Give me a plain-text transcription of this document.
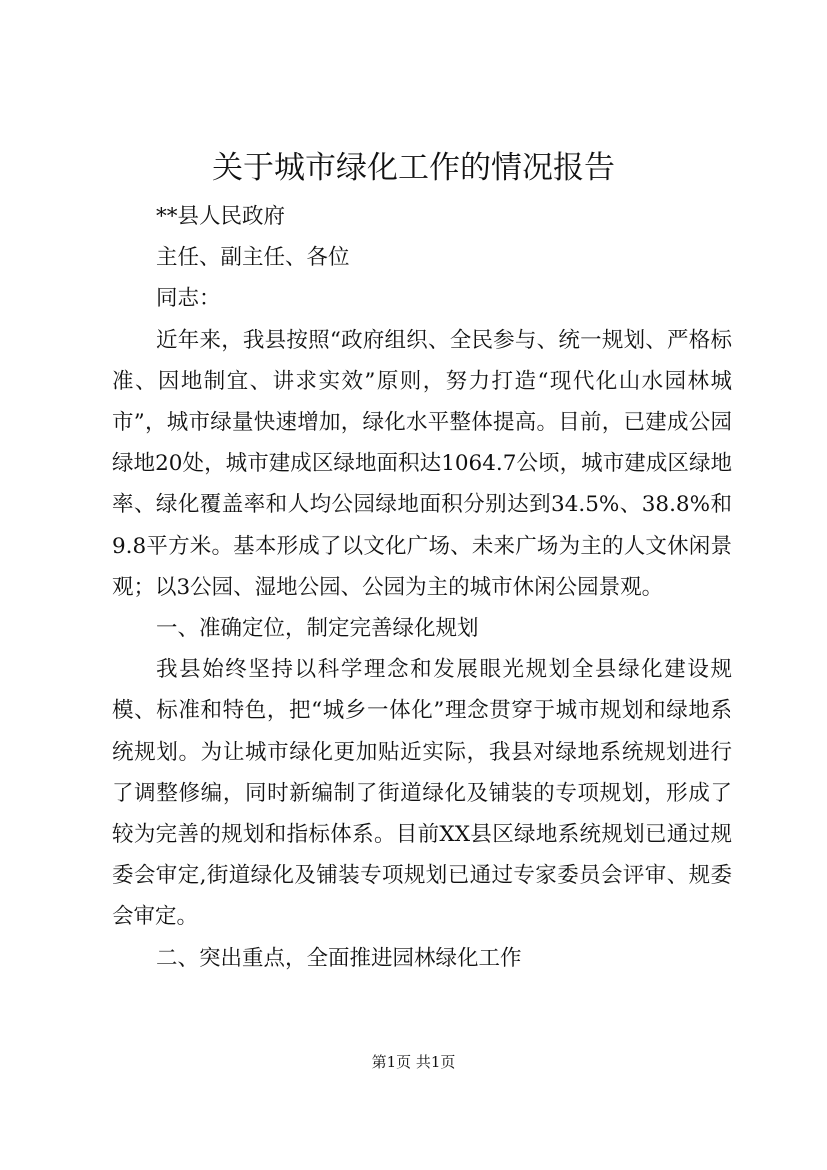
关于城市绿化工作的情况报告

**县人民政府

主任、副主任、各位

同志：

近年来，我县按照“政府组织、全民参与、统一规划、严格标准、因地制宜、讲求实效”原则，努力打造“现代化山水园林城市”，城市绿量快速增加，绿化水平整体提高。目前，已建成公园绿地20处，城市建成区绿地面积达1064.7公顷，城市建成区绿地率、绿化覆盖率和人均公园绿地面积分别达到34.5%、38.8%和9.8平方米。基本形成了以文化广场、未来广场为主的人文休闲景观；以3公园、湿地公园、公园为主的城市休闲公园景观。

一、准确定位，制定完善绿化规划

我县始终坚持以科学理念和发展眼光规划全县绿化建设规模、标准和特色，把“城乡一体化”理念贯穿于城市规划和绿地系统规划。为让城市绿化更加贴近实际，我县对绿地系统规划进行了调整修编，同时新编制了街道绿化及铺装的专项规划，形成了较为完善的规划和指标体系。目前XX县区绿地系统规划已通过规委会审定,街道绿化及铺装专项规划已通过专家委员会评审、规委会审定。

二、突出重点，全面推进园林绿化工作

第1页 共1页
